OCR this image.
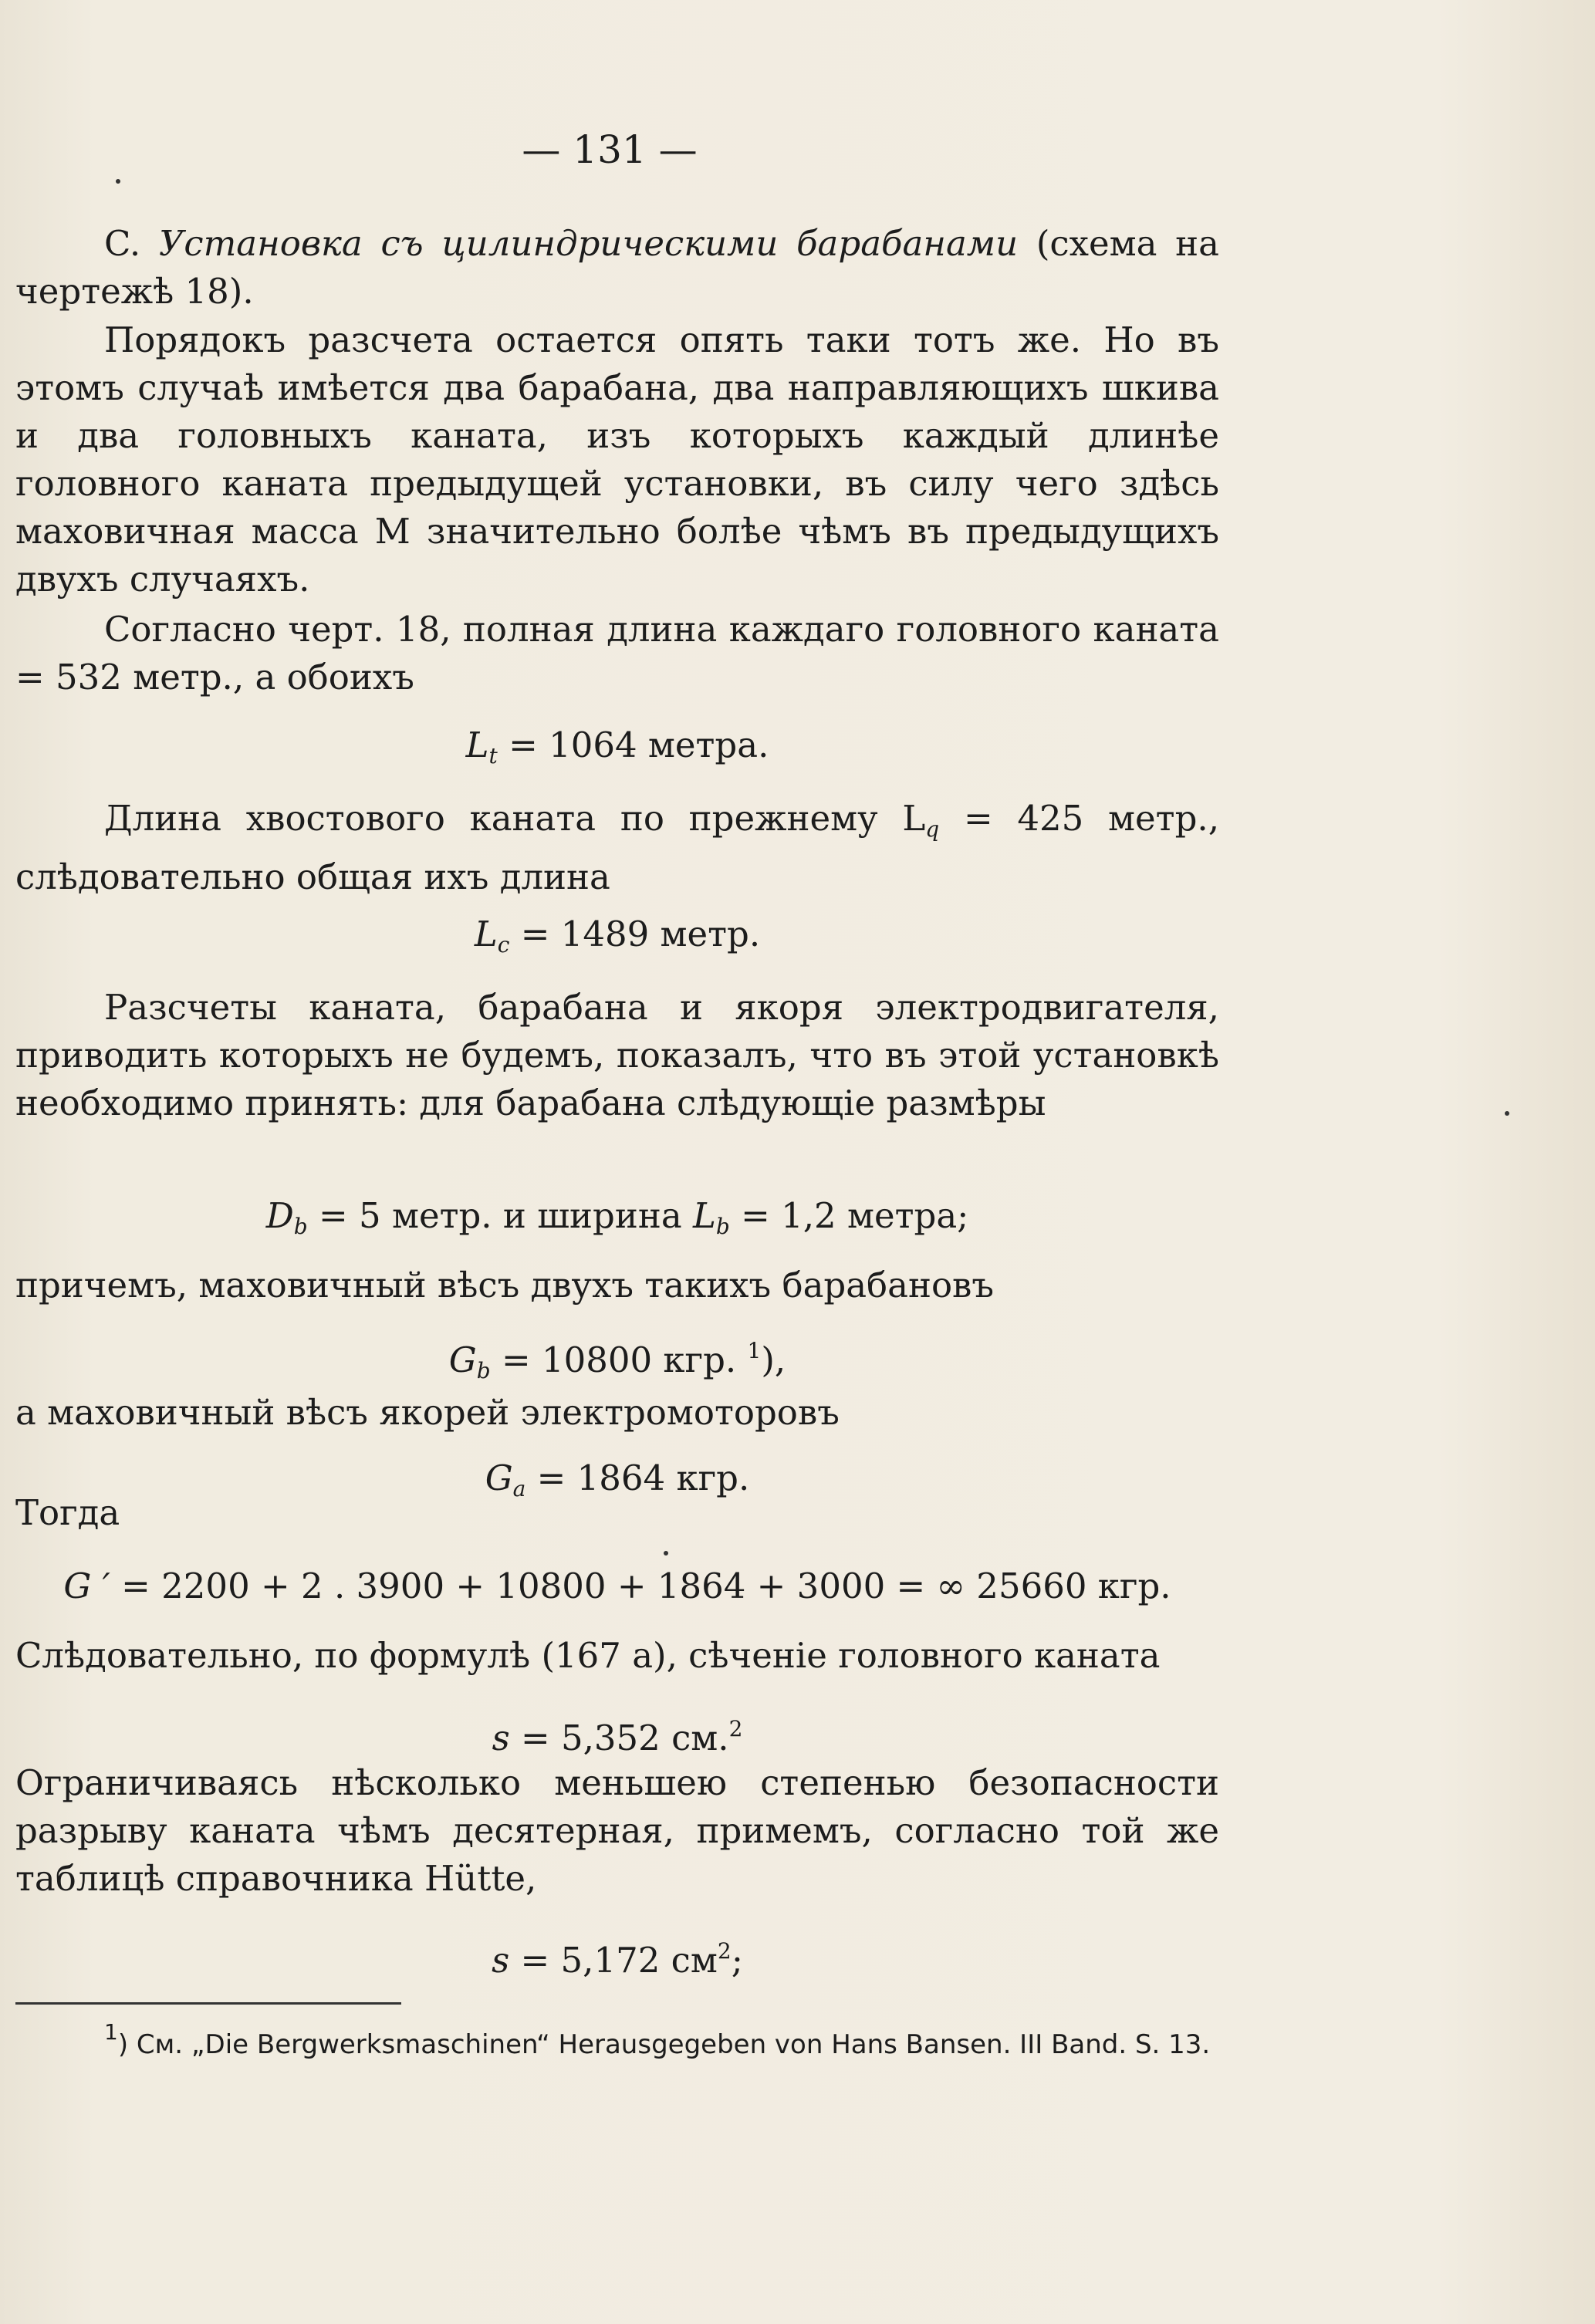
— 131 —
C. Установка съ цилиндрическими барабанами (схема на чертежѣ 18).

Порядокъ разсчета остается опять таки тотъ же. Но въ этомъ случаѣ имѣется два барабана, два направляющихъ шкива и два головныхъ каната, изъ которыхъ каждый длинѣе головного каната предыдущей установки, въ силу чего здѣсь маховичная масса M значительно болѣе чѣмъ въ предыдущихъ двухъ случаяхъ.

Согласно черт. 18, полная длина каждаго головного каната = 532 метр., а обоихъ

$L_t = 1064$ метра.

Длина хвостового каната по прежнему $L_q = 425$ метр., слѣдовательно общая ихъ длина

$L_c = 1489$ метр.

Разсчеты каната, барабана и якоря электродвигателя, приводить которыхъ не будемъ, показалъ, что въ этой установкѣ необходимо принять: для барабана слѣдующіе размѣры

$D_b = 5$ метр. и ширина $L_b = 1,2$ метра;

причемъ, маховичный вѣсъ двухъ такихъ барабановъ

$G_b = 10800$ кгр. $^1$),

а маховичный вѣсъ якорей электромоторовъ

$G_a = 1864$ кгр.

Тогда

G ′ = 2200 + 2 . 3900 + 10800 + 1864 + 3000 = ∞ 25660 кгр.

Слѣдовательно, по формулѣ (167 а), сѣченіе головного каната

s = 5,352 см.$^2$

Ограничиваясь нѣсколько меньшею степенью безопасности разрыву каната чѣмъ десятерная, примемъ, согласно той же таблицѣ справочника Hütte,

s = 5,172 $см^2$;

$^1$) См. „Die Bergwerksmaschinen“ Herausgegeben von Hans Bansen. III Band. S. 13.
